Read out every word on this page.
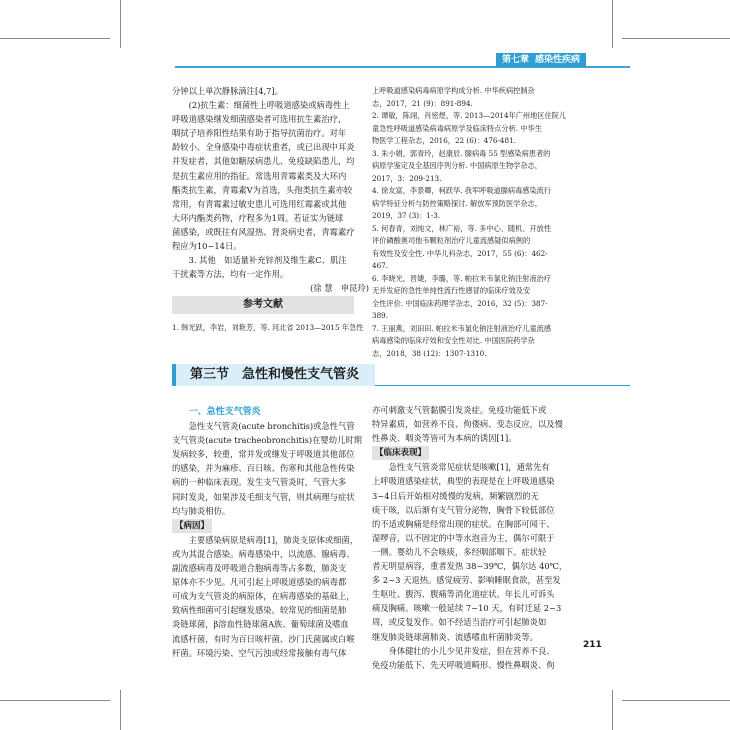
第七章 感染性疾病

分钟以上单次静脉滴注[4,7]。

(2)抗生素：细菌性上呼吸道感染或病毒性上

呼吸道感染继发细菌感染者可选用抗生素治疗，

咽拭子培养阳性结果有助于指导抗菌治疗。对年

龄较小、全身感染中毒症状重者，或已出现中耳炎

并发症者，其他如糖尿病患儿、免疫缺陷患儿，均

是抗生素应用的指征。常选用青霉素类及大环内

酯类抗生素，青霉素V为首选，头孢类抗生素亦较

常用，有青霉素过敏史患儿可选用红霉素或其他

大环内酯类药物，疗程多为1周。若证实为链球

菌感染，或既往有风湿热、肾炎病史者，青霉素疗

程应为10~14日。

3. 其他　如适量补充锌剂及维生素C、肌注

干扰素等方法，均有一定作用。

(徐 慧　申昆玲)

参考文献
1. 韩光跃，李岩，刘艳芳，等. 河北省 2013—2015 年急性
上呼吸道感染病毒病原学构成分析. 中华疾病控制杂
志，2017，21 (9)：891-894.
2. 谭敏，陈翊，肖密煜，等. 2013—2014年广州地区住院儿
童急性呼吸道感染病毒病原学及临床特点分析. 中华生
物医学工程杂志，2016，22 (6)：476-481.
3. 朱小娟，郭青玲，赵康辰. 腺病毒 55 型感染病患者的
病原学鉴定及全基因序列分析. 中国病原生物学杂志，
2017，3：209-213.
4. 徐友富，李景卿，柯跃华. 我军呼吸道腺病毒感染流行
病学特征分析与防控策略探讨. 解放军预防医学杂志，
2019，37 (3)：1-3.
5. 何春青，刘纯文，林广裕，等. 多中心、随机、开放性
评价磷酸奥司他韦颗粒剂治疗儿童流感疑似病例的
有效性及安全性. 中华儿科杂志，2017，55 (6)：462-
467.
6. 李晓光，晋婕，李璐，等. 帕拉米韦氯化钠注射液治疗
无并发症的急性单纯性流行性感冒的临床疗效及安
全性评价. 中国临床药理学杂志，2016，32 (5)：387-
389.
7. 王丽燕，刘田田. 帕拉米韦氯化钠注射液治疗儿童流感
病毒感染的临床疗效和安全性对比. 中国医院药学杂
志，2018，38 (12)：1307-1310.
第三节　急性和慢性支气管炎

一、急性支气管炎

急性支气管炎(acute bronchitis)或急性气管

支气管炎(acute tracheobronchitis)在婴幼儿时期

发病较多，较重，常并发或继发于呼吸道其他部位

的感染，并为麻疹、百日咳、伤寒和其他急性传染

病的一种临床表现。发生支气管炎时，气管大多

同时发炎，如果涉及毛细支气管，则其病理与症状

均与肺炎相仿。

【病因】

主要感染病原是病毒[1]，肺炎支原体或细菌，

或为其混合感染。病毒感染中，以流感、腺病毒、

副流感病毒及呼吸道合胞病毒等占多数，肺炎支

原体亦不少见。凡可引起上呼吸道感染的病毒都

可成为支气管炎的病原体，在病毒感染的基础上，

致病性细菌可引起继发感染。较常见的细菌是肺

炎链球菌，β溶血性链球菌A族、葡萄球菌及嗜血

流感杆菌，有时为百日咳杆菌、沙门氏菌属或白喉

杆菌。环境污染、空气污浊或经常接触有毒气体

亦可刺激支气管黏膜引发炎症。免疫功能低下或

特异素质，如营养不良、佝偻病、变态反应，以及慢

性鼻炎、咽炎等皆可为本病的诱因[1]。

【临床表现】

急性支气管炎常见症状是咳嗽[1]，通常先有

上呼吸道感染症状，典型的表现是在上呼吸道感染

3~4日后开始相对缓慢的发病，频繁剧烈的无

痰干咳，以后渐有支气管分泌物，胸骨下较低部位

的不适或胸痛是经常出现的症状。在胸部可闻干、

湿啰音，以不固定的中等水泡音为主，偶尔可限于

一侧。婴幼儿不会咳痰，多经咽部咽下。症状轻

者无明显病容，重者发热 38~39℃，偶尔达 40℃，

多 2~3 天退热。感觉疲劳、影响睡眠食欲，甚至发

生呕吐、腹泻、腹痛等消化道症状。年长儿可诉头

痛及胸痛。咳嗽一般延续 7~10 天，有时迁延 2~3

周，或反复发作。如不经适当治疗可引起肺炎如

继发肺炎链球菌肺炎、流感嗜血杆菌肺炎等。

身体健壮的小儿少见并发症，但在营养不良、

免疫功能低下、先天呼吸道畸形、慢性鼻咽炎、佝

211
